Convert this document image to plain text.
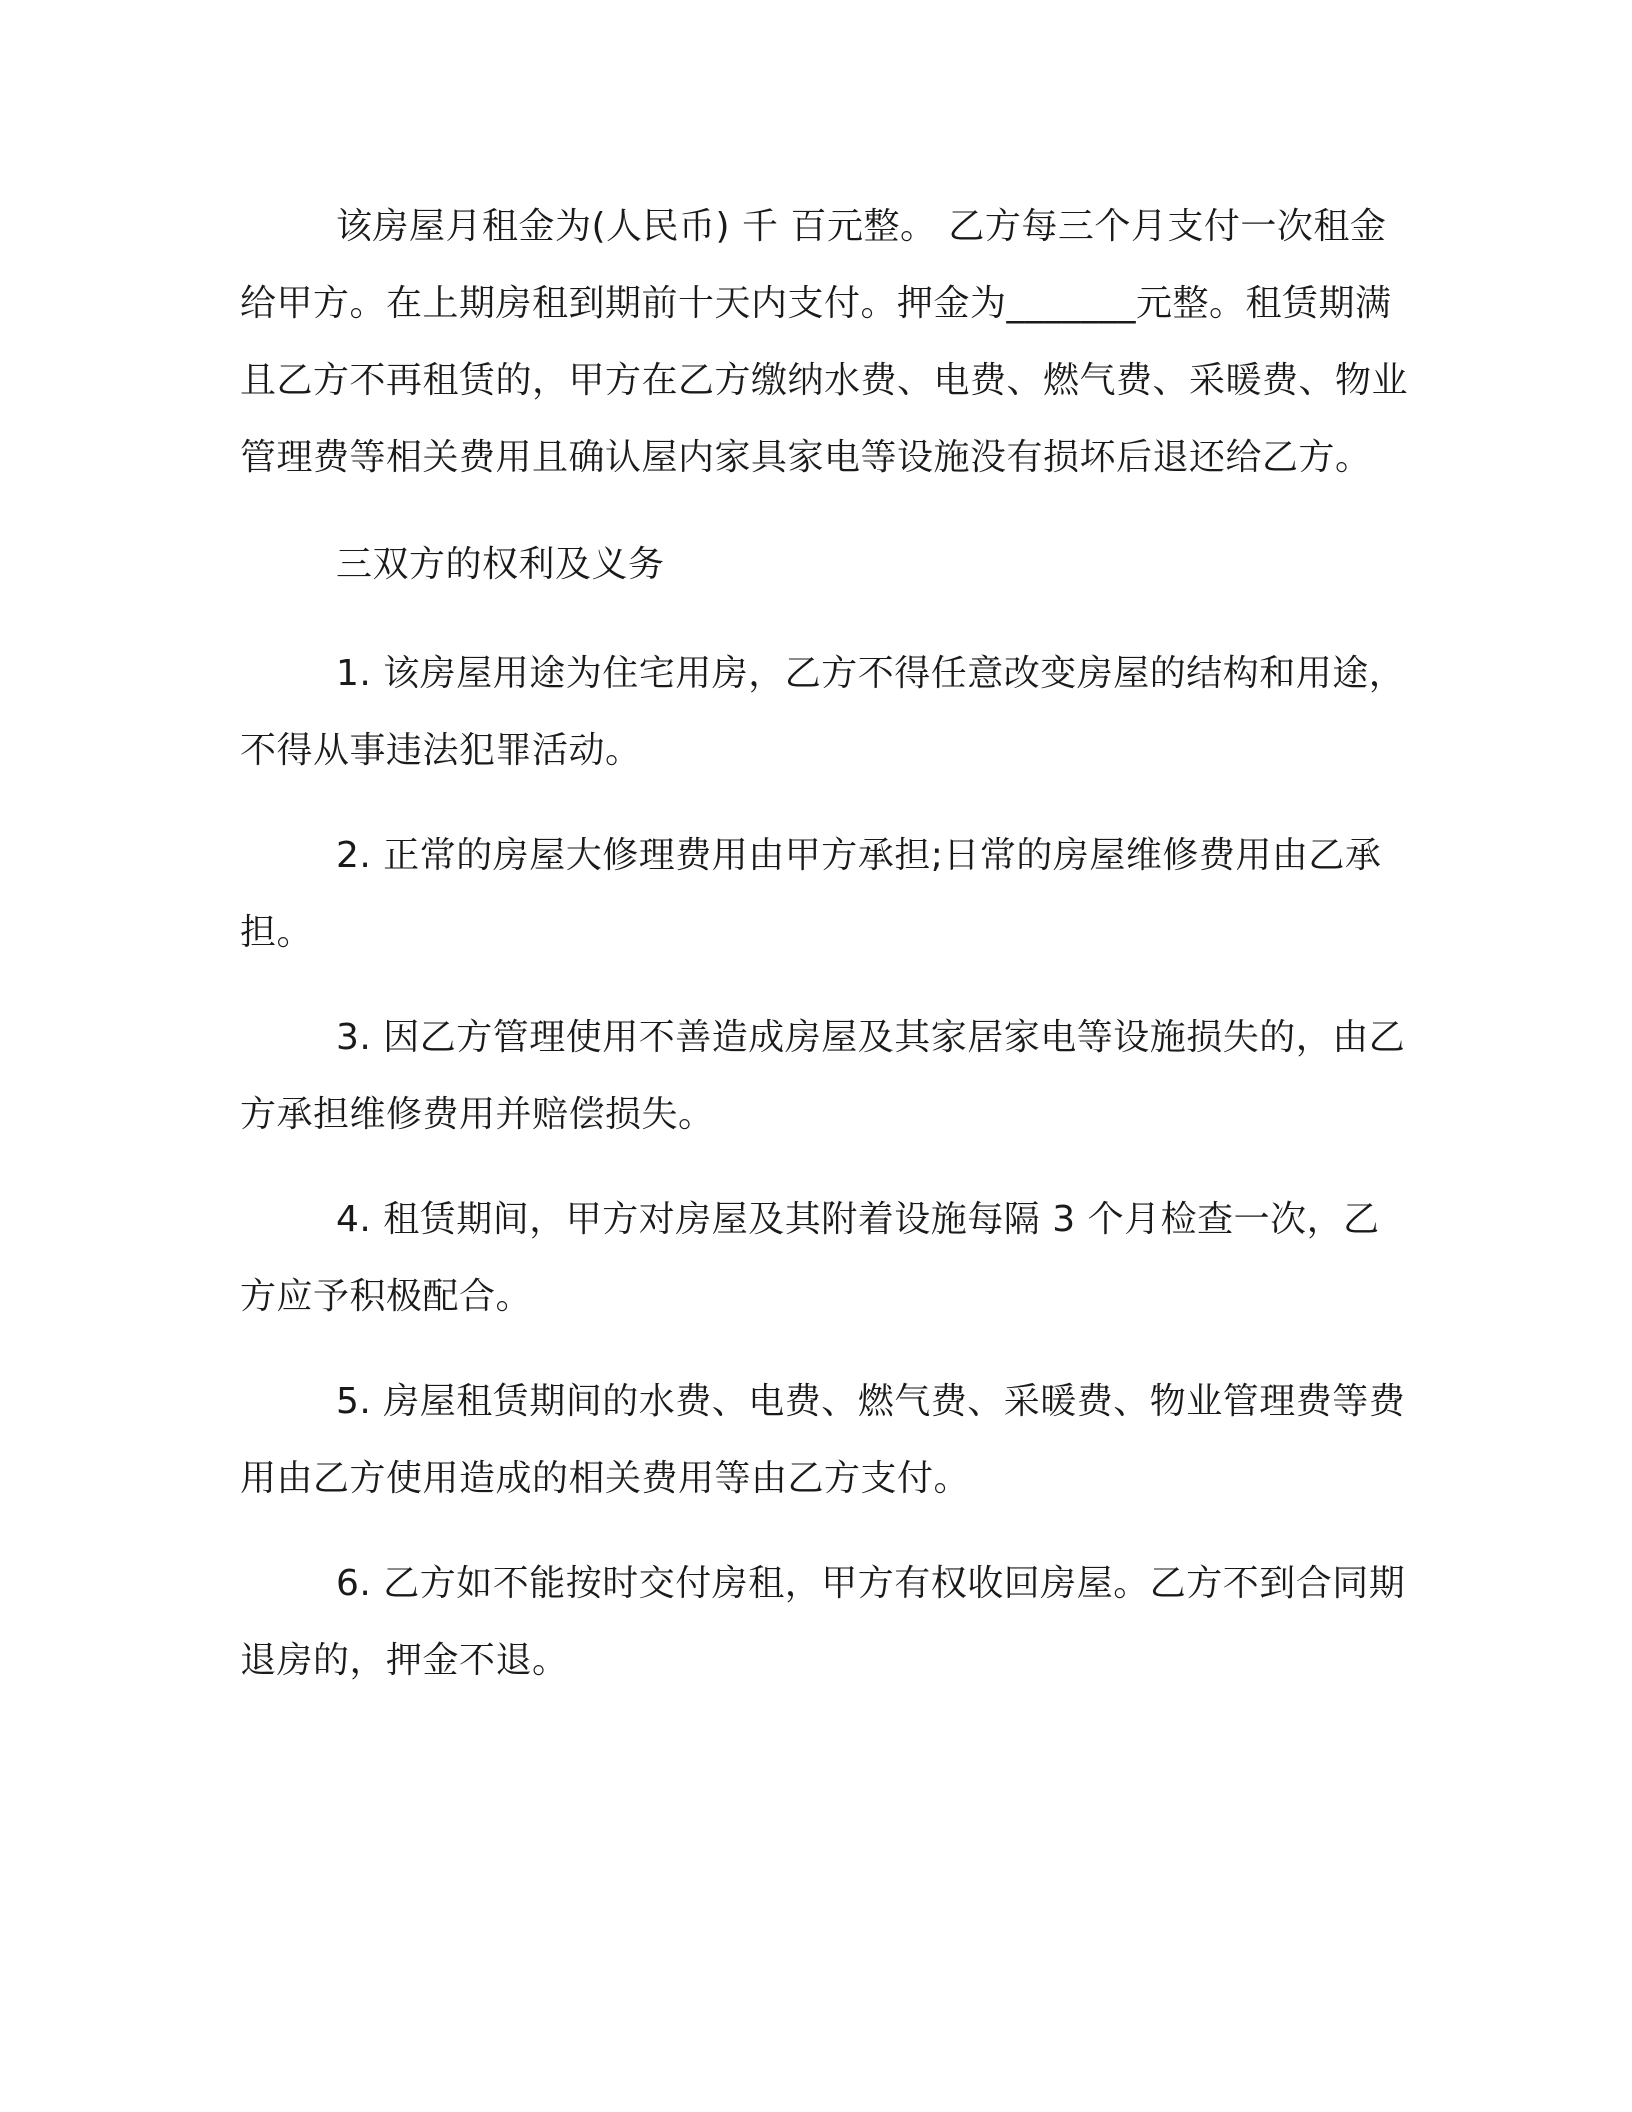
该房屋月租金为(人民币) 千 百元整。 乙方每三个月支付一次租金给甲方。在上期房租到期前十天内支付。押金为_______元整。租赁期满且乙方不再租赁的，甲方在乙方缴纳水费、电费、燃气费、采暖费、物业管理费等相关费用且确认屋内家具家电等设施没有损坏后退还给乙方。

三双方的权利及义务

1. 该房屋用途为住宅用房，乙方不得任意改变房屋的结构和用途，不得从事违法犯罪活动。

2. 正常的房屋大修理费用由甲方承担;日常的房屋维修费用由乙承担。

3. 因乙方管理使用不善造成房屋及其家居家电等设施损失的，由乙方承担维修费用并赔偿损失。

4. 租赁期间，甲方对房屋及其附着设施每隔 3 个月检查一次，乙方应予积极配合。

5. 房屋租赁期间的水费、电费、燃气费、采暖费、物业管理费等费用由乙方使用造成的相关费用等由乙方支付。

6. 乙方如不能按时交付房租，甲方有权收回房屋。乙方不到合同期退房的，押金不退。
